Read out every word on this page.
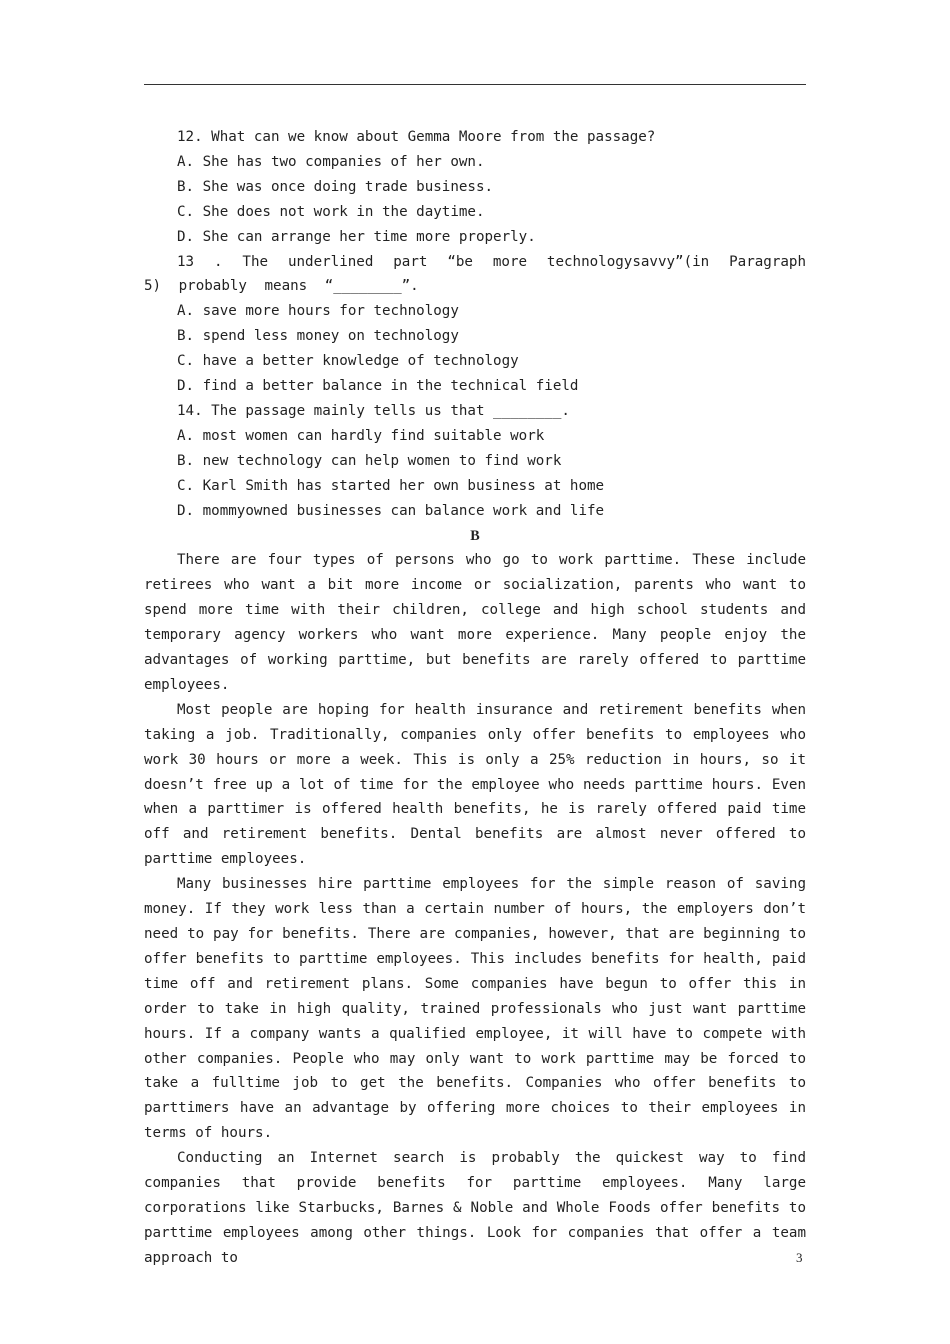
12. What can we know about Gemma Moore from the passage?

A. She has two companies of her own.

B. She was once doing trade business.

C. She does not work in the daytime.

D. She can arrange her time more properly.

13 . The underlined part “be more technologysavvy”(in Paragraph 5) probably means “________”.

A. save more hours for technology

B. spend less money on technology

C. have a better knowledge of technology

D. find a better balance in the technical field

14. The passage mainly tells us that ________.

A. most women can hardly find suitable work

B. new technology can help women to find work

C. Karl Smith has started her own business at home

D. mommyowned businesses can balance work and life

B

There are four types of persons who go to work parttime. These include retirees who want a bit more income or socialization, parents who want to spend more time with their children, college and high school students and temporary agency workers who want more experience. Many people enjoy the advantages of working parttime, but benefits are rarely offered to parttime employees.

Most people are hoping for health insurance and retirement benefits when taking a job. Traditionally, companies only offer benefits to employees who work 30 hours or more a week. This is only a 25% reduction in hours, so it doesn’t free up a lot of time for the employee who needs parttime hours. Even when a parttimer is offered health benefits, he is rarely offered paid time off and retirement benefits. Dental benefits are almost never offered to parttime employees.

Many businesses hire parttime employees for the simple reason of saving money. If they work less than a certain number of hours, the employers don’t need to pay for benefits. There are companies, however, that are beginning to offer benefits to parttime employees. This includes benefits for health, paid time off and retirement plans. Some companies have begun to offer this in order to take in high quality, trained professionals who just want parttime hours. If a company wants a qualified employee, it will have to compete with other companies. People who may only want to work parttime may be forced to take a fulltime job to get the benefits. Companies who offer benefits to parttimers have an advantage by offering more choices to their employees in terms of hours.

Conducting an Internet search is probably the quickest way to find companies that provide benefits for parttime employees. Many large corporations like Starbucks, Barnes & Noble and Whole Foods offer benefits to parttime employees among other things. Look for companies that offer a team approach to	3
